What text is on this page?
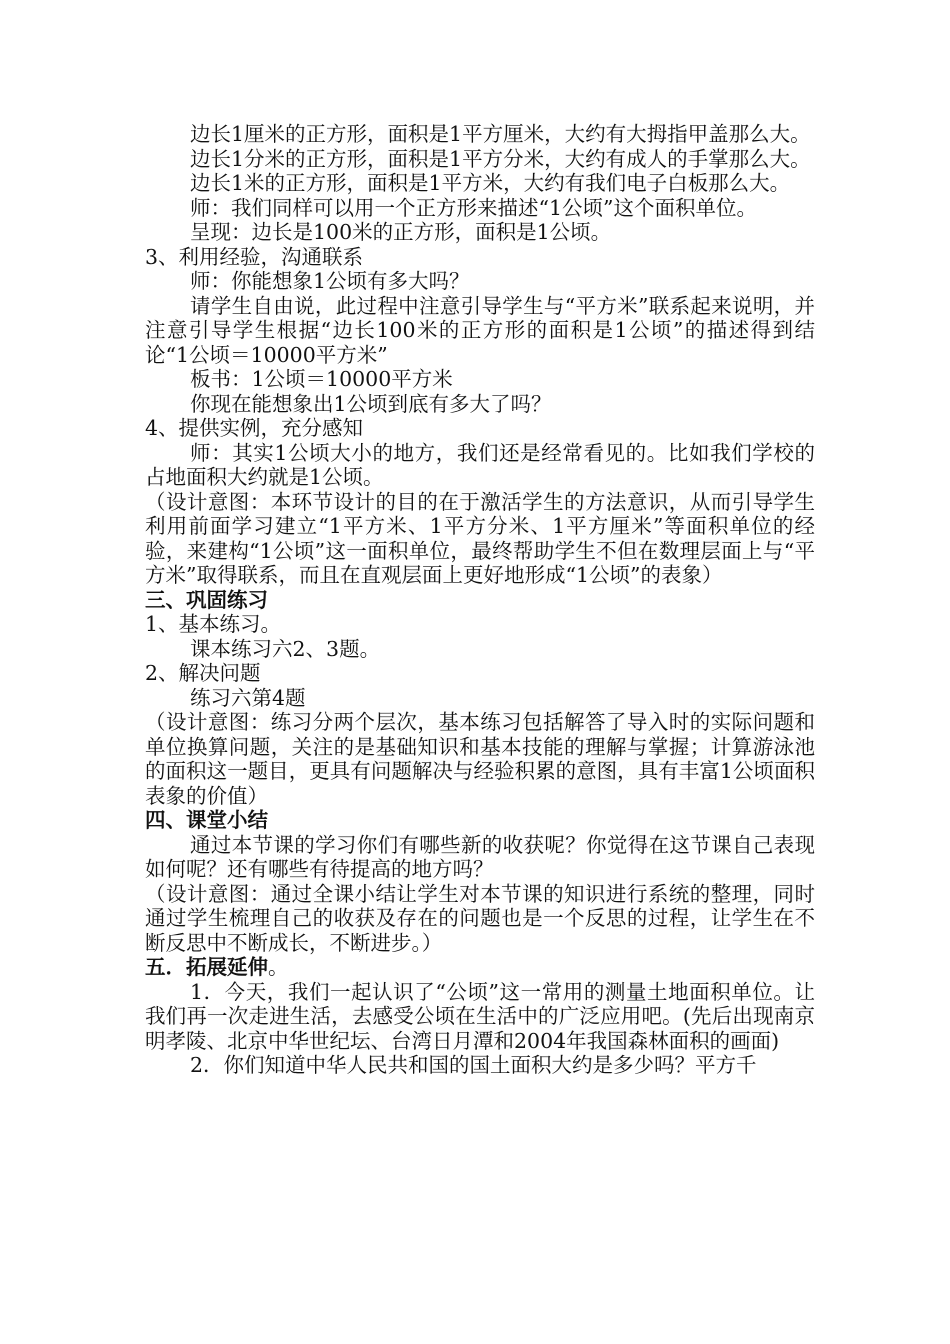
边长1厘米的正方形，面积是1平方厘米，大约有大拇指甲盖那么大。

边长1分米的正方形，面积是1平方分米，大约有成人的手掌那么大。

边长1米的正方形，面积是1平方米，大约有我们电子白板那么大。

师：我们同样可以用一个正方形来描述“1公顷”这个面积单位。

呈现：边长是100米的正方形，面积是1公顷。

3、利用经验，沟通联系

师：你能想象1公顷有多大吗？

请学生自由说，此过程中注意引导学生与“平方米”联系起来说明，并注意引导学生根据“边长100米的正方形的面积是1公顷”的描述得到结论“1公顷＝10000平方米”

板书：1公顷＝10000平方米

你现在能想象出1公顷到底有多大了吗？

4、提供实例，充分感知

师：其实1公顷大小的地方，我们还是经常看见的。比如我们学校的占地面积大约就是1公顷。

（设计意图：本环节设计的目的在于激活学生的方法意识，从而引导学生利用前面学习建立“1平方米、1平方分米、1平方厘米”等面积单位的经验，来建构“1公顷”这一面积单位，最终帮助学生不但在数理层面上与“平方米”取得联系，而且在直观层面上更好地形成“1公顷”的表象）

三、巩固练习

1、基本练习。

课本练习六2、3题。

2、解决问题

练习六第4题

（设计意图：练习分两个层次，基本练习包括解答了导入时的实际问题和单位换算问题，关注的是基础知识和基本技能的理解与掌握；计算游泳池的面积这一题目，更具有问题解决与经验积累的意图，具有丰富1公顷面积表象的价值）

四、课堂小结

通过本节课的学习你们有哪些新的收获呢？你觉得在这节课自己表现如何呢？还有哪些有待提高的地方吗？

（设计意图：通过全课小结让学生对本节课的知识进行系统的整理，同时通过学生梳理自己的收获及存在的问题也是一个反思的过程，让学生在不断反思中不断成长，不断进步。）

五．拓展延伸。

1．今天，我们一起认识了“公顷”这一常用的测量土地面积单位。让我们再一次走进生活，去感受公顷在生活中的广泛应用吧。(先后出现南京明孝陵、北京中华世纪坛、台湾日月潭和2004年我国森林面积的画面)

2．你们知道中华人民共和国的国土面积大约是多少吗？平方千
